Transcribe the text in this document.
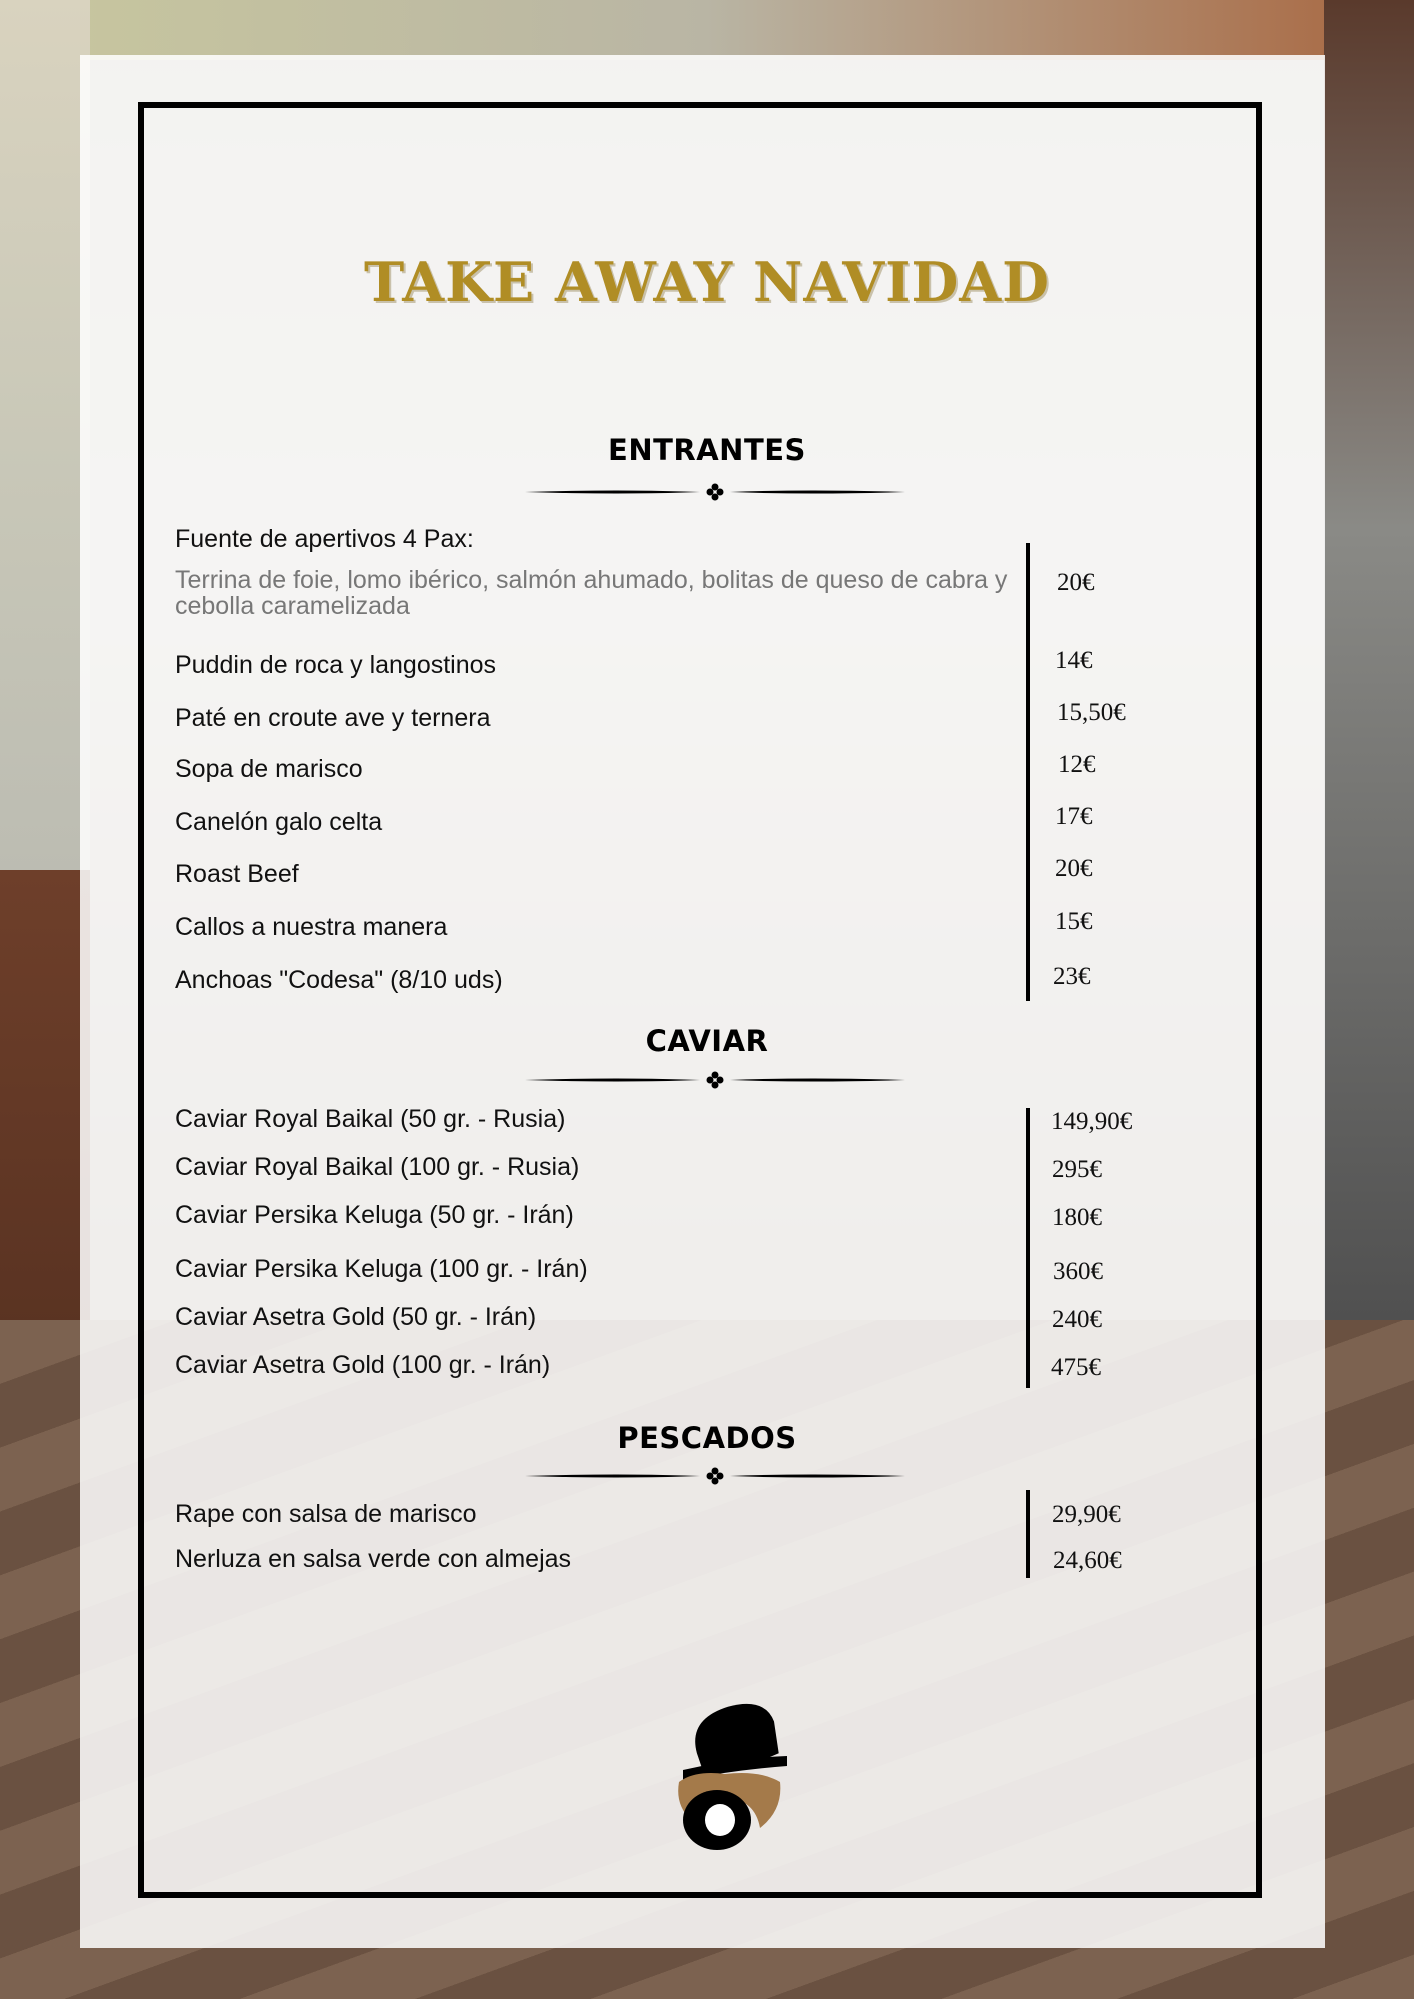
TAKE AWAY NAVIDAD
ENTRANTES
Fuente de apertivos 4 Pax:
Terrina de foie, lomo ibérico, salmón ahumado, bolitas de queso de cabra y cebolla caramelizada
20€
Puddin de roca y langostinos	14€
Paté en croute ave y ternera	15,50€
Sopa de marisco	12€
Canelón galo celta	17€
Roast Beef	20€
Callos a nuestra manera	15€
Anchoas "Codesa" (8/10 uds)	23€
CAVIAR
Caviar Royal Baikal (50 gr. - Rusia)	149,90€
Caviar Royal Baikal (100 gr. - Rusia)	295€
Caviar Persika Keluga (50 gr. - Irán)	180€
Caviar Persika Keluga (100 gr. - Irán)	360€
Caviar Asetra Gold (50 gr. - Irán)	240€
Caviar Asetra Gold (100 gr. - Irán)	475€
PESCADOS
Rape con salsa de marisco	29,90€
Nerluza en salsa verde con almejas	24,60€
